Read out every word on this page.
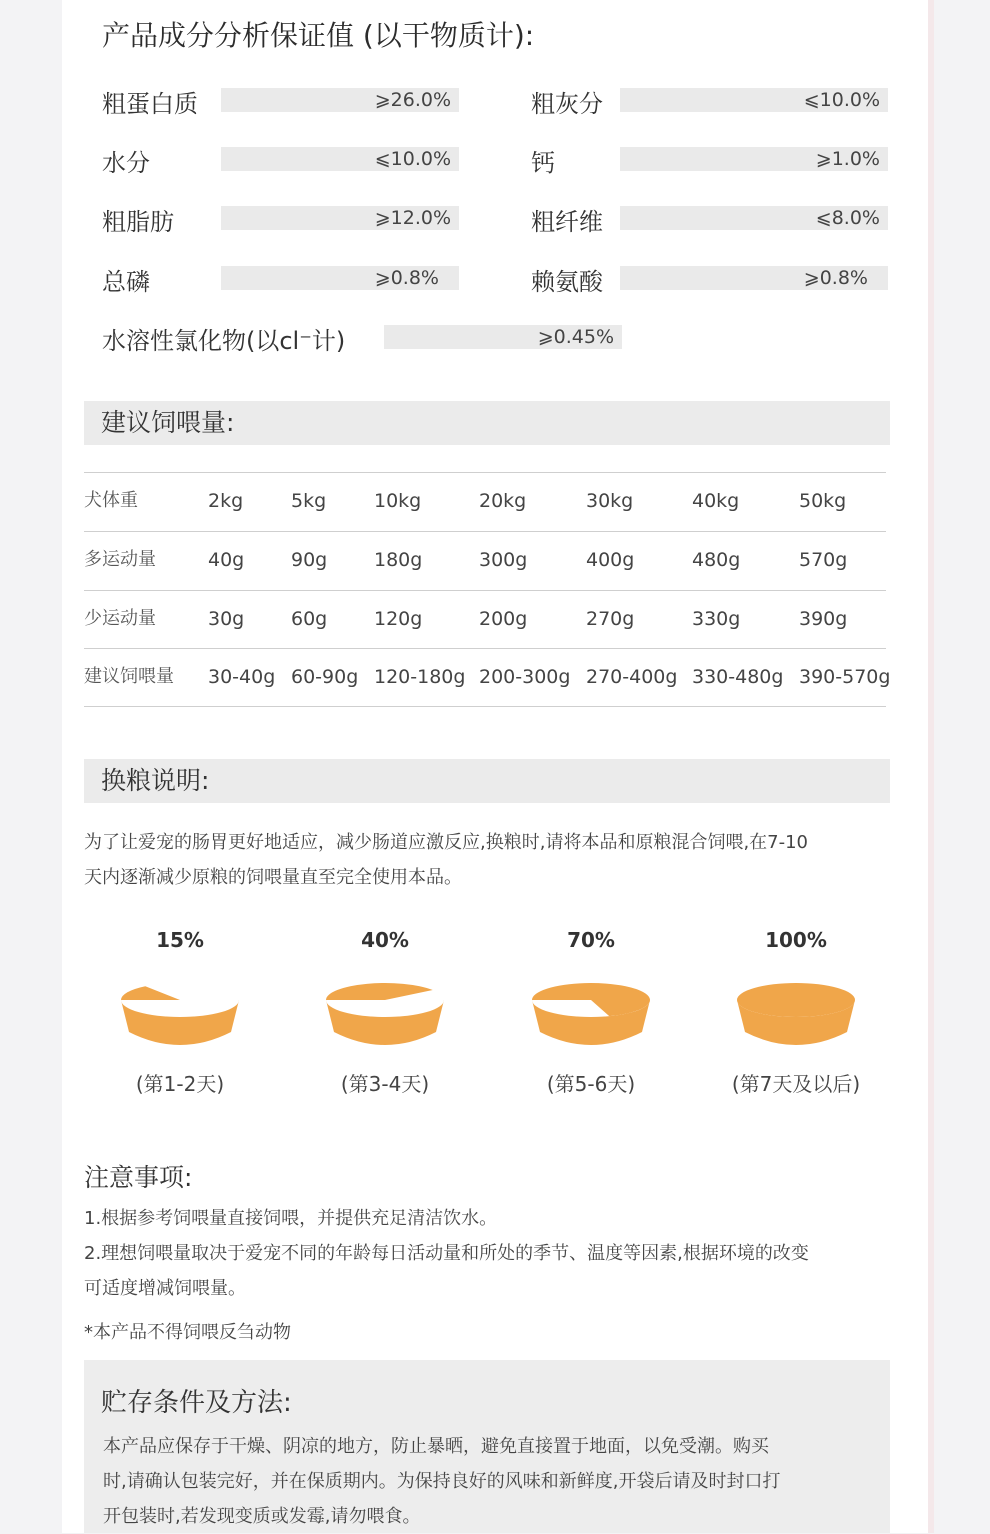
产品成分分析保证值 (以干物质计):
粗蛋白质	⩾26.0%	粗灰分	⩽10.0%
水分	⩽10.0%	钙	⩾1.0%
粗脂肪	⩾12.0%	粗纤维	⩽8.0%
总磷	⩾0.8%	赖氨酸	⩾0.8%
水溶性氯化物(以cl⁻计)	⩾0.45%
建议饲喂量:
犬体重	2kg	5kg	10kg	20kg	30kg	40kg	50kg
多运动量	40g 90g 180g	300g	400g	480g	570g
少运动量	30g 60g 120g	200g	270g	330g	390g
建议饲喂量 30-40g 60-90g 120-180g 200-300g 270-400g 330-480g 390-570g
换粮说明:
为了让爱宠的肠胃更好地适应，减少肠道应激反应,换粮时,请将本品和原粮混合饲喂,在7-10
天内逐渐减少原粮的饲喂量直至完全使用本品。
15%
(第1-2天)
40%
(第3-4天)
70%
(第5-6天)
100%
(第7天及以后)
注意事项:
1.根据参考饲喂量直接饲喂，并提供充足清洁饮水。
2.理想饲喂量取决于爱宠不同的年龄每日活动量和所处的季节、温度等因素,根据环境的改变
可适度增减饲喂量。
*本产品不得饲喂反刍动物
贮存条件及方法:
本产品应保存于干燥、阴凉的地方，防止暴晒，避免直接置于地面，以免受潮。购买
时,请确认包装完好，并在保质期内。为保持良好的风味和新鲜度,开袋后请及时封口打
开包装时,若发现变质或发霉,请勿喂食。
